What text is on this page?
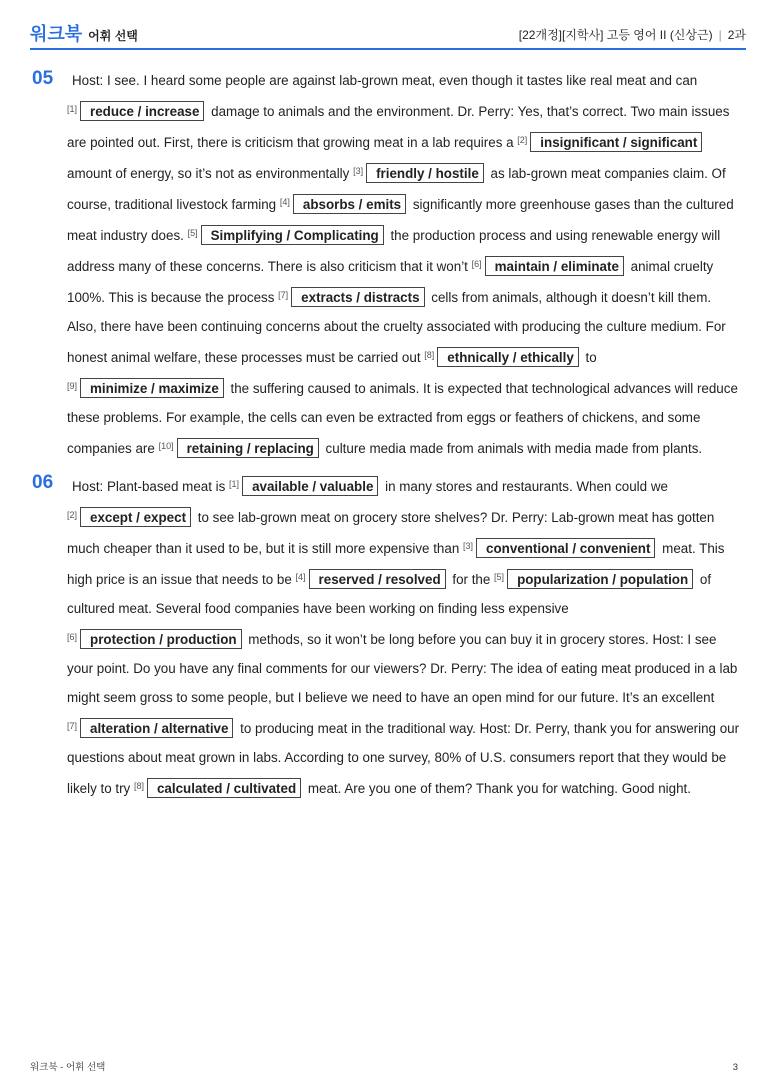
워크북 어휘 선택	[22개정][지학사] 고등 영어 II (신상근) | 2과
05	Host: I see. I heard some people are against lab-grown meat, even though it tastes like real meat and can [1] reduce / increase damage to animals and the environment. Dr. Perry: Yes, that’s correct. Two main issues are pointed out. First, there is criticism that growing meat in a lab requires a [2] insignificant / significant amount of energy, so it’s not as environmentally [3] friendly / hostile as lab-grown meat companies claim. Of course, traditional livestock farming [4] absorbs / emits significantly more greenhouse gases than the cultured meat industry does. [5] Simplifying / Complicating the production process and using renewable energy will address many of these concerns. There is also criticism that it won’t [6] maintain / eliminate animal cruelty 100%. This is because the process [7] extracts / distracts cells from animals, although it doesn’t kill them. Also, there have been continuing concerns about the cruelty associated with producing the culture medium. For honest animal welfare, these processes must be carried out [8] ethnically / ethically to [9] minimize / maximize the suffering caused to animals. It is expected that technological advances will reduce these problems. For example, the cells can even be extracted from eggs or feathers of chickens, and some companies are [10] retaining / replacing culture media made from animals with media made from plants.
06	Host: Plant-based meat is [1] available / valuable in many stores and restaurants. When could we [2] except / expect to see lab-grown meat on grocery store shelves? Dr. Perry: Lab-grown meat has gotten much cheaper than it used to be, but it is still more expensive than [3] conventional / convenient meat. This high price is an issue that needs to be [4] reserved / resolved for the [5] popularization / population of cultured meat. Several food companies have been working on finding less expensive [6] protection / production methods, so it won’t be long before you can buy it in grocery stores. Host: I see your point. Do you have any final comments for our viewers? Dr. Perry: The idea of eating meat produced in a lab might seem gross to some people, but I believe we need to have an open mind for our future. It’s an excellent [7] alteration / alternative to producing meat in the traditional way. Host: Dr. Perry, thank you for answering our questions about meat grown in labs. According to one survey, 80% of U.S. consumers report that they would be likely to try [8] calculated / cultivated meat. Are you one of them? Thank you for watching. Good night.
워크북 - 어휘 선택	3
